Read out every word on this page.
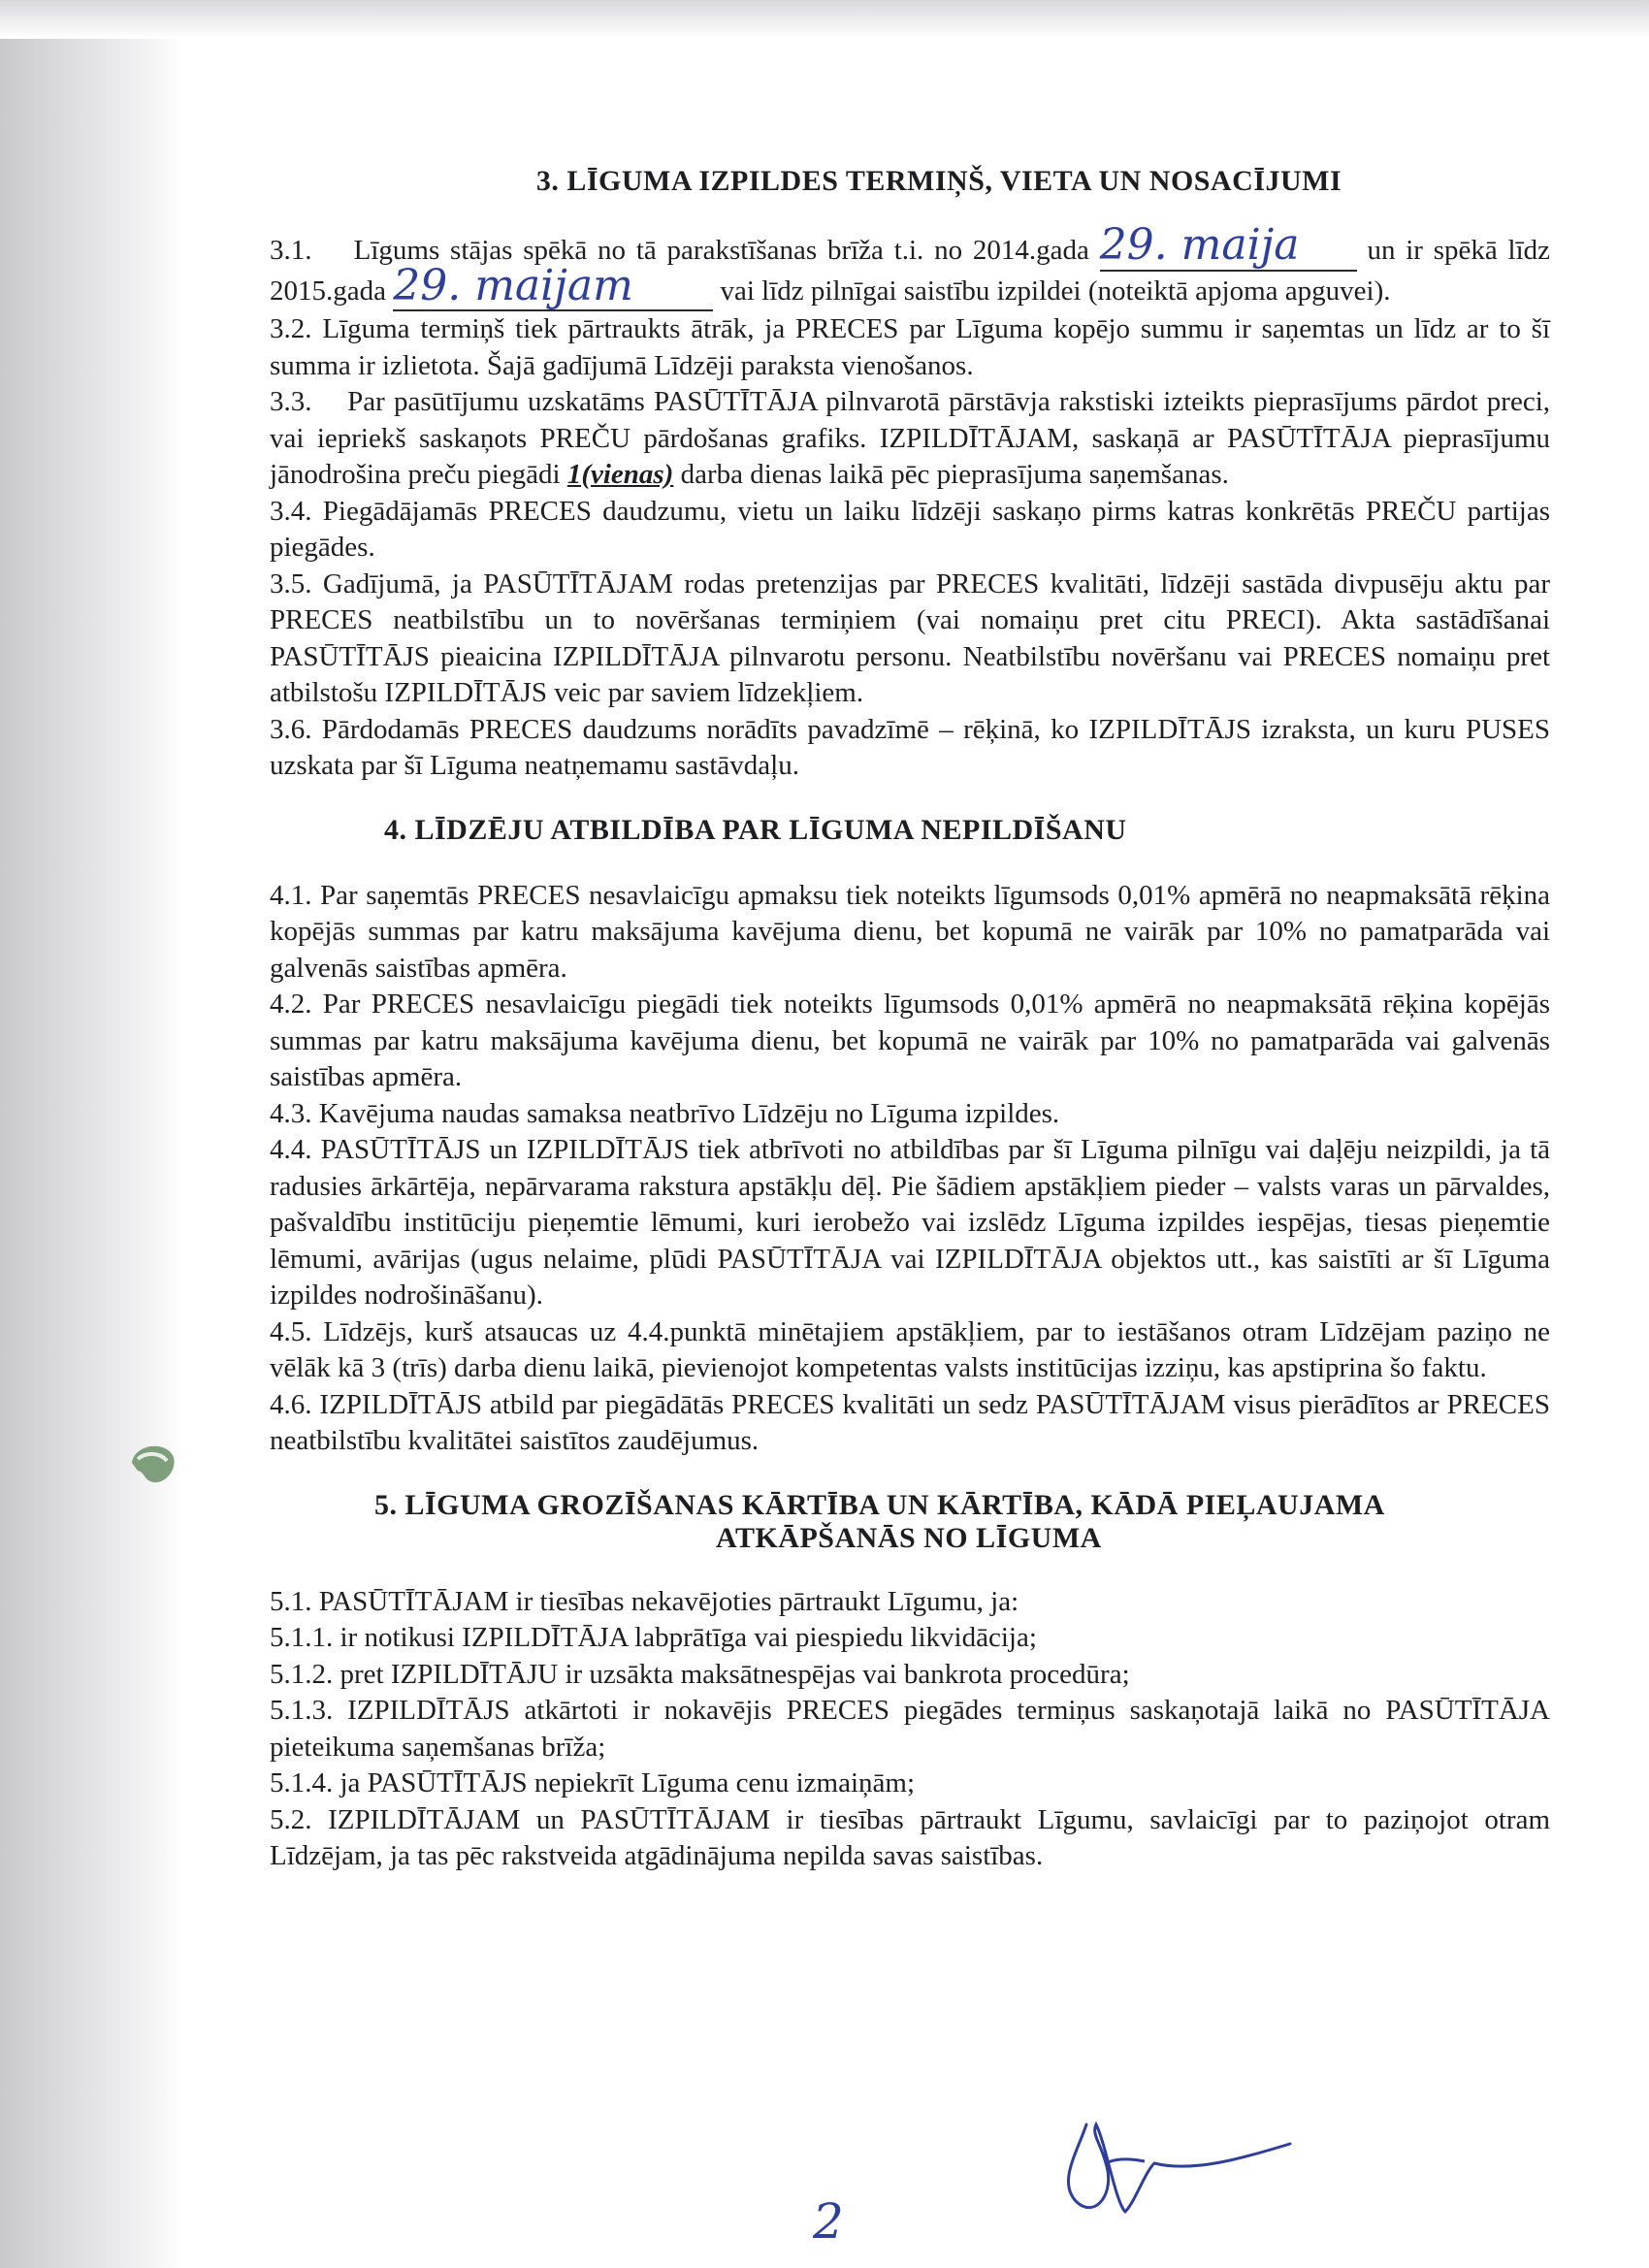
3. LĪGUMA IZPILDES TERMIŅŠ, VIETA UN NOSACĪJUMI

3.1. Līgums stājas spēkā no tā parakstīšanas brīža t.i. no 2014.gada 29. maija un ir spēkā līdz 2015.gada 29. maijam	vai līdz pilnīgai saistību izpildei (noteiktā apjoma apguvei).

3.2. Līguma termiņš tiek pārtraukts ātrāk, ja PRECES par Līguma kopējo summu ir saņemtas un līdz ar to šī summa ir izlietota. Šajā gadījumā Līdzēji paraksta vienošanos.

3.3. Par pasūtījumu uzskatāms PASŪTĪTĀJA pilnvarotā pārstāvja rakstiski izteikts pieprasījums pārdot preci, vai iepriekš saskaņots PREČU pārdošanas grafiks. IZPILDĪTĀJAM, saskaņā ar PASŪTĪTĀJA pieprasījumu jānodrošina preču piegādi 1(vienas) darba dienas laikā pēc pieprasījuma saņemšanas.

3.4. Piegādājamās PRECES daudzumu, vietu un laiku līdzēji saskaņo pirms katras konkrētās PREČU partijas piegādes.

3.5. Gadījumā, ja PASŪTĪTĀJAM rodas pretenzijas par PRECES kvalitāti, līdzēji sastāda divpusēju aktu par PRECES neatbilstību un to novēršanas termiņiem (vai nomaiņu pret citu PRECI). Akta sastādīšanai PASŪTĪTĀJS pieaicina IZPILDĪTĀJA pilnvarotu personu. Neatbilstību novēršanu vai PRECES nomaiņu pret atbilstošu IZPILDĪTĀJS veic par saviem līdzekļiem.

3.6. Pārdodamās PRECES daudzums norādīts pavadzīmē – rēķinā, ko IZPILDĪTĀJS izraksta, un kuru PUSES uzskata par šī Līguma neatņemamu sastāvdaļu.

4. LĪDZĒJU ATBILDĪBA PAR LĪGUMA NEPILDĪŠANU

4.1. Par saņemtās PRECES nesavlaicīgu apmaksu tiek noteikts līgumsods 0,01% apmērā no neapmaksātā rēķina kopējās summas par katru maksājuma kavējuma dienu, bet kopumā ne vairāk par 10% no pamatparāda vai galvenās saistības apmēra.

4.2. Par PRECES nesavlaicīgu piegādi tiek noteikts līgumsods 0,01% apmērā no neapmaksātā rēķina kopējās summas par katru maksājuma kavējuma dienu, bet kopumā ne vairāk par 10% no pamatparāda vai galvenās saistības apmēra.

4.3. Kavējuma naudas samaksa neatbrīvo Līdzēju no Līguma izpildes.

4.4. PASŪTĪTĀJS un IZPILDĪTĀJS tiek atbrīvoti no atbildības par šī Līguma pilnīgu vai daļēju neizpildi, ja tā radusies ārkārtēja, nepārvarama rakstura apstākļu dēļ. Pie šādiem apstākļiem pieder – valsts varas un pārvaldes, pašvaldību institūciju pieņemtie lēmumi, kuri ierobežo vai izslēdz Līguma izpildes iespējas, tiesas pieņemtie lēmumi, avārijas (ugus nelaime, plūdi PASŪTĪTĀJA vai IZPILDĪTĀJA objektos utt., kas saistīti ar šī Līguma izpildes nodrošināšanu).

4.5. Līdzējs, kurš atsaucas uz 4.4.punktā minētajiem apstākļiem, par to iestāšanos otram Līdzējam paziņo ne vēlāk kā 3 (trīs) darba dienu laikā, pievienojot kompetentas valsts institūcijas izziņu, kas apstiprina šo faktu.

4.6. IZPILDĪTĀJS atbild par piegādātās PRECES kvalitāti un sedz PASŪTĪTĀJAM visus pierādītos ar PRECES neatbilstību kvalitātei saistītos zaudējumus.

5. LĪGUMA GROZĪŠANAS KĀRTĪBA UN KĀRTĪBA, KĀDĀ PIEĻAUJAMA
ATKĀPŠANĀS NO LĪGUMA

5.1. PASŪTĪTĀJAM ir tiesības nekavējoties pārtraukt Līgumu, ja:

5.1.1. ir notikusi IZPILDĪTĀJA labprātīga vai piespiedu likvidācija;

5.1.2. pret IZPILDĪTĀJU ir uzsākta maksātnespējas vai bankrota procedūra;

5.1.3. IZPILDĪTĀJS atkārtoti ir nokavējis PRECES piegādes termiņus saskaņotajā laikā no PASŪTĪTĀJA pieteikuma saņemšanas brīža;

5.1.4. ja PASŪTĪTĀJS nepiekrīt Līguma cenu izmaiņām;

5.2. IZPILDĪTĀJAM un PASŪTĪTĀJAM ir tiesības pārtraukt Līgumu, savlaicīgi par to paziņojot otram Līdzējam, ja tas pēc rakstveida atgādinājuma nepilda savas saistības.

2
